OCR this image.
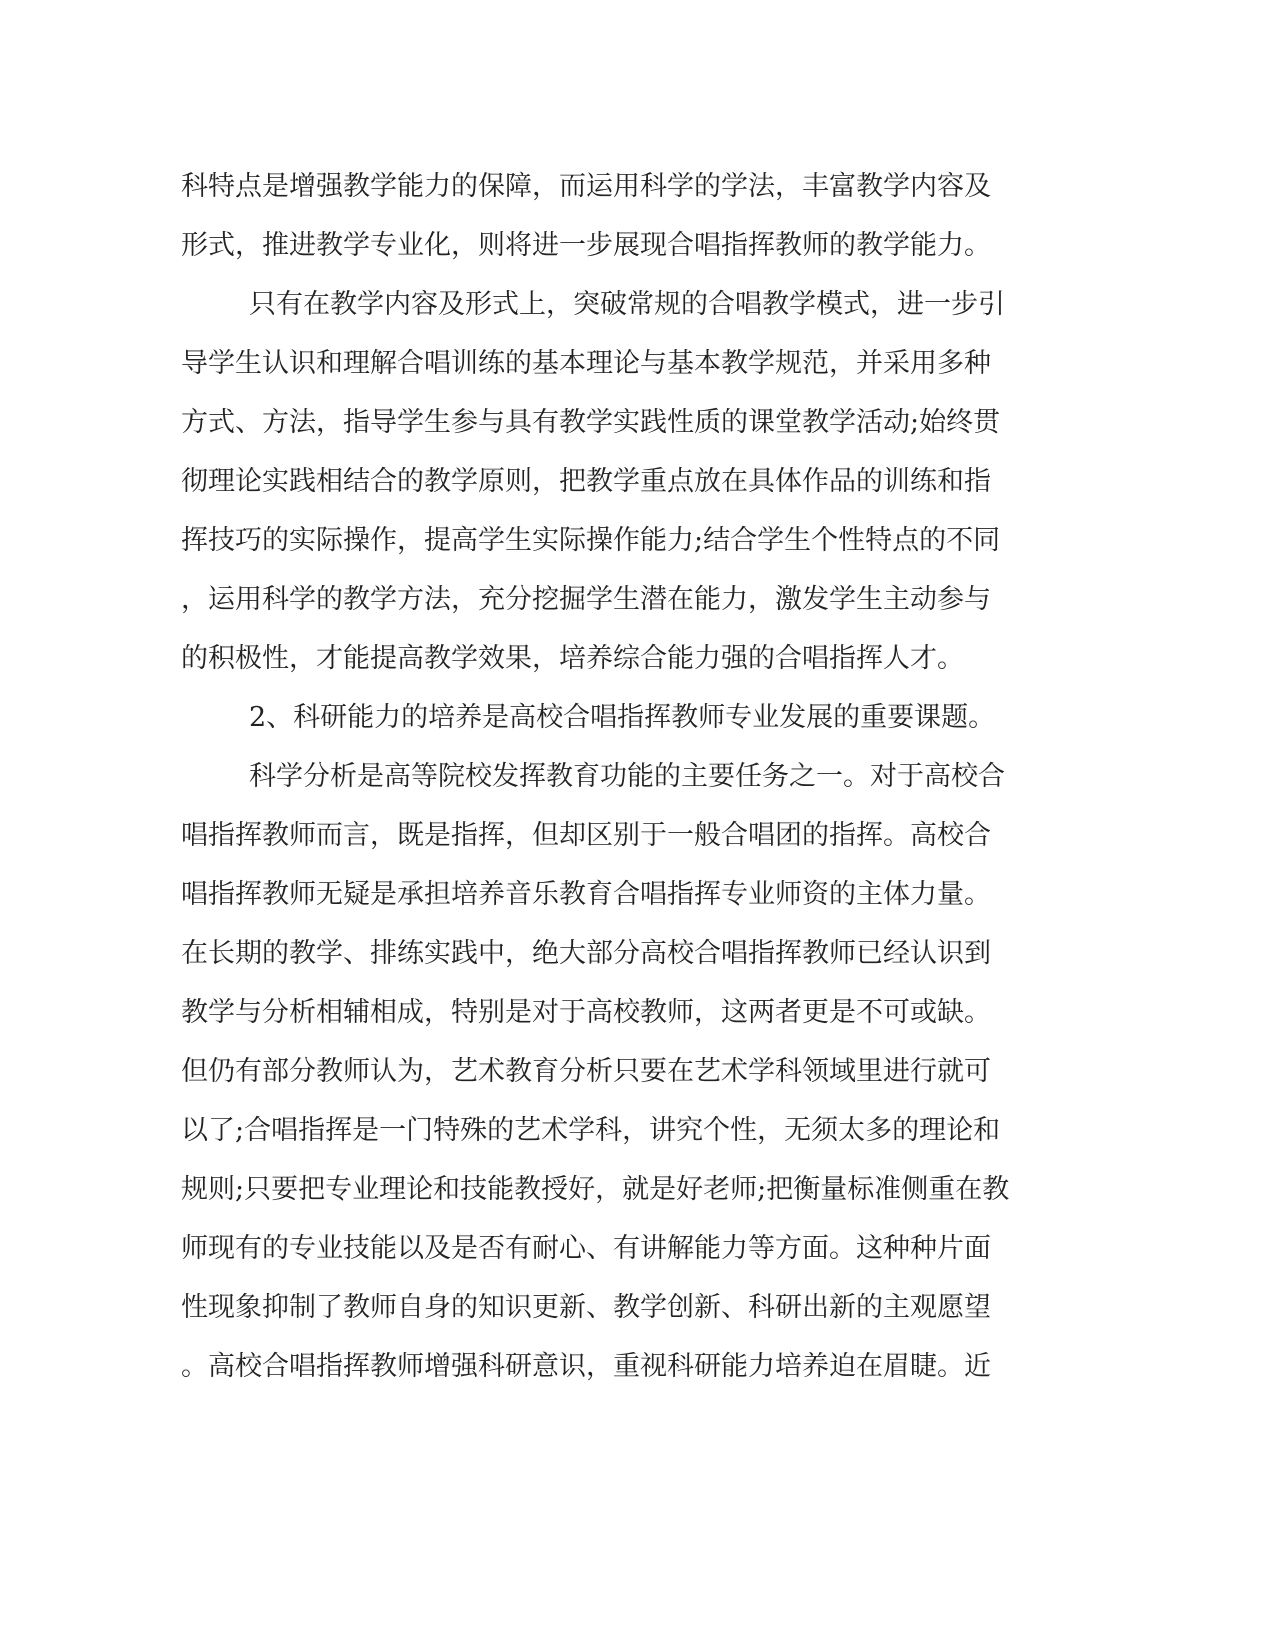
科特点是增强教学能力的保障，而运用科学的学法，丰富教学内容及
形式，推进教学专业化，则将进一步展现合唱指挥教师的教学能力。
只有在教学内容及形式上，突破常规的合唱教学模式，进一步引
导学生认识和理解合唱训练的基本理论与基本教学规范，并采用多种
方式、方法，指导学生参与具有教学实践性质的课堂教学活动;始终贯
彻理论实践相结合的教学原则，把教学重点放在具体作品的训练和指
挥技巧的实际操作，提高学生实际操作能力;结合学生个性特点的不同
，运用科学的教学方法，充分挖掘学生潜在能力，激发学生主动参与
的积极性，才能提高教学效果，培养综合能力强的合唱指挥人才。
2、科研能力的培养是高校合唱指挥教师专业发展的重要课题。
科学分析是高等院校发挥教育功能的主要任务之一。对于高校合
唱指挥教师而言，既是指挥，但却区别于一般合唱团的指挥。高校合
唱指挥教师无疑是承担培养音乐教育合唱指挥专业师资的主体力量。
在长期的教学、排练实践中，绝大部分高校合唱指挥教师已经认识到
教学与分析相辅相成，特别是对于高校教师，这两者更是不可或缺。
但仍有部分教师认为，艺术教育分析只要在艺术学科领域里进行就可
以了;合唱指挥是一门特殊的艺术学科，讲究个性，无须太多的理论和
规则;只要把专业理论和技能教授好，就是好老师;把衡量标准侧重在教
师现有的专业技能以及是否有耐心、有讲解能力等方面。这种种片面
性现象抑制了教师自身的知识更新、教学创新、科研出新的主观愿望
。高校合唱指挥教师增强科研意识，重视科研能力培养迫在眉睫。近
